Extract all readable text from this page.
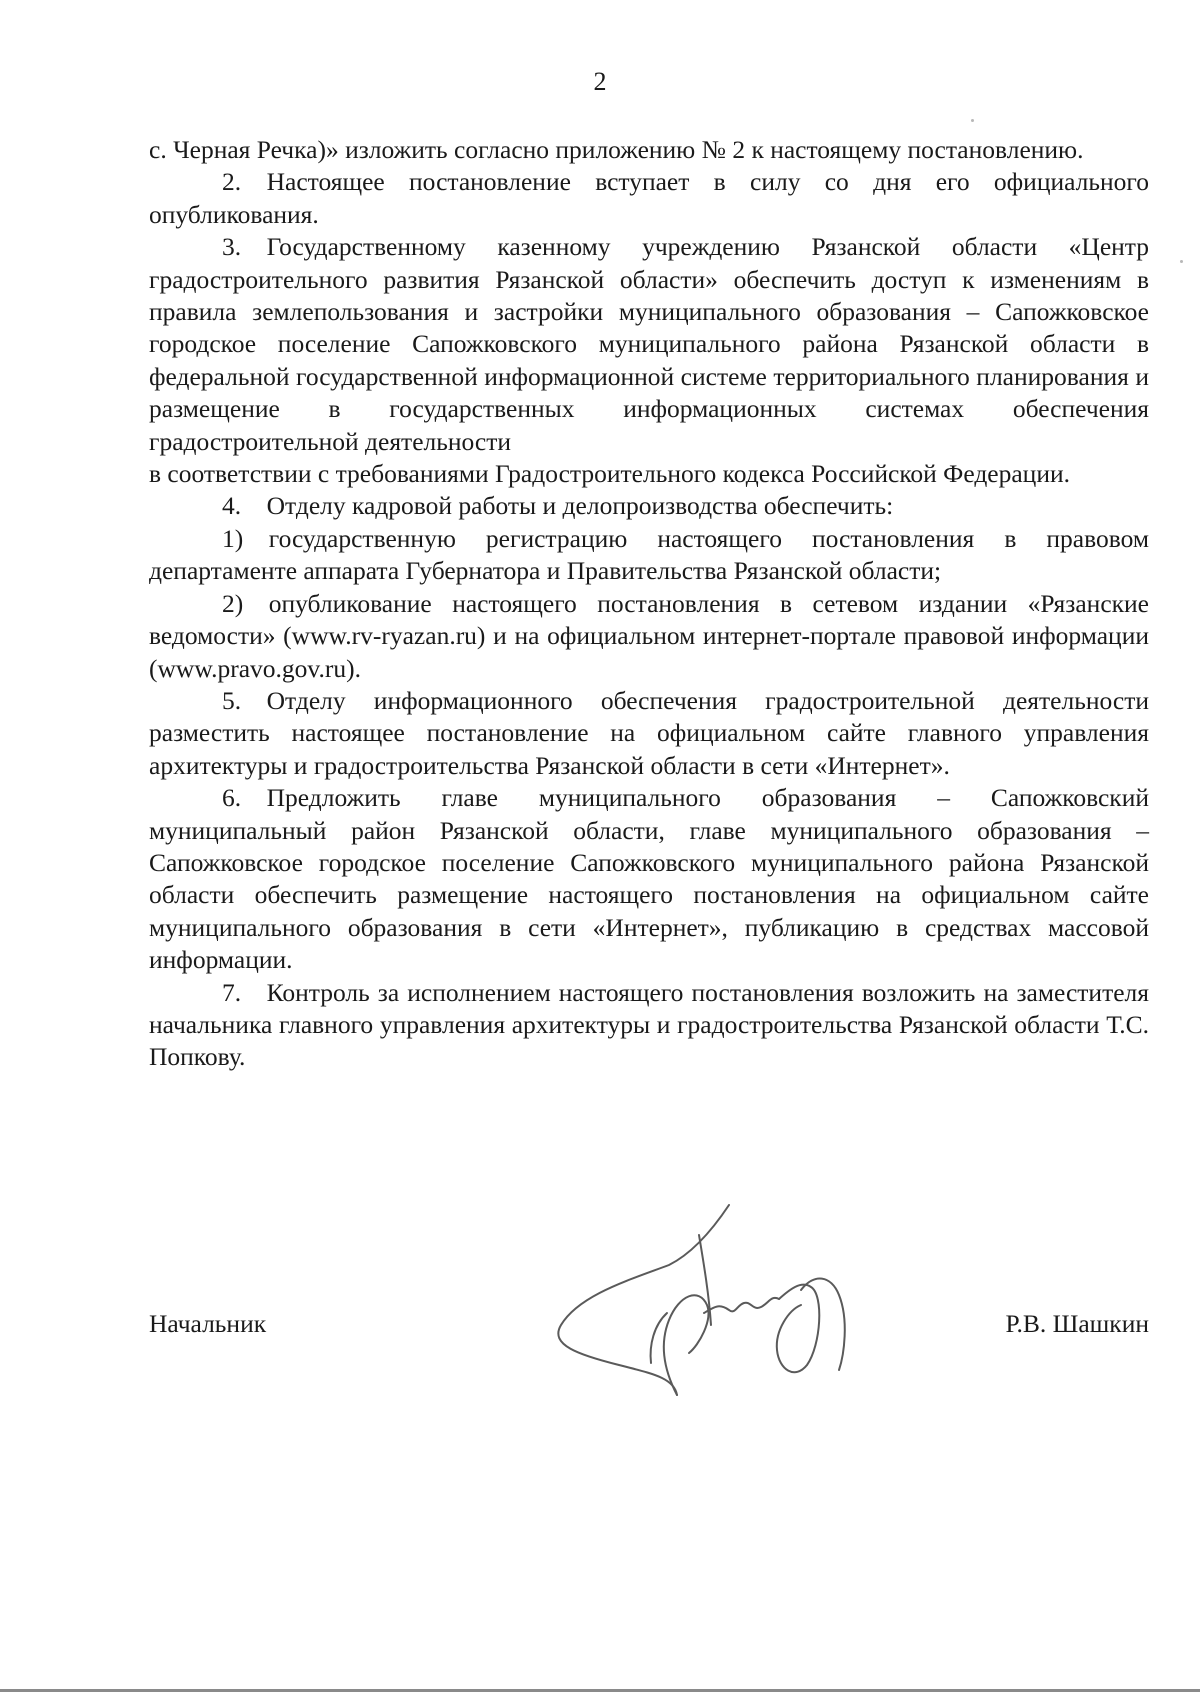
2

с. Черная Речка)» изложить согласно приложению № 2 к настоящему постановлению.

2. Настоящее постановление вступает в силу со дня его официального опубликования.

3. Государственному казенному учреждению Рязанской области «Центр градостроительного развития Рязанской области» обеспечить доступ к изменениям в правила землепользования и застройки муниципального образования – Сапожковское городское поселение Сапожковского муниципального района Рязанской области в федеральной государственной информационной системе территориального планирования и размещение в государственных информационных системах обеспечения градостроительной деятельности

в соответствии с требованиями Градостроительного кодекса Российской Федерации.

4. Отделу кадровой работы и делопроизводства обеспечить:

1) государственную регистрацию настоящего постановления в правовом департаменте аппарата Губернатора и Правительства Рязанской области;

2) опубликование настоящего постановления в сетевом издании «Рязанские ведомости» (www.rv-ryazan.ru) и на официальном интернет-портале правовой информации (www.pravo.gov.ru).

5. Отделу информационного обеспечения градостроительной деятельности разместить настоящее постановление на официальном сайте главного управления архитектуры и градостроительства Рязанской области в сети «Интернет».

6. Предложить главе муниципального образования – Сапожковский муниципальный район Рязанской области, главе муниципального образования – Сапожковское городское поселение Сапожковского муниципального района Рязанской области обеспечить размещение настоящего постановления на официальном сайте муниципального образования в сети «Интернет», публикацию в средствах массовой информации.

7. Контроль за исполнением настоящего постановления возложить на заместителя начальника главного управления архитектуры и градостроительства Рязанской области Т.С. Попкову.

Начальник	Р.В. Шашкин
